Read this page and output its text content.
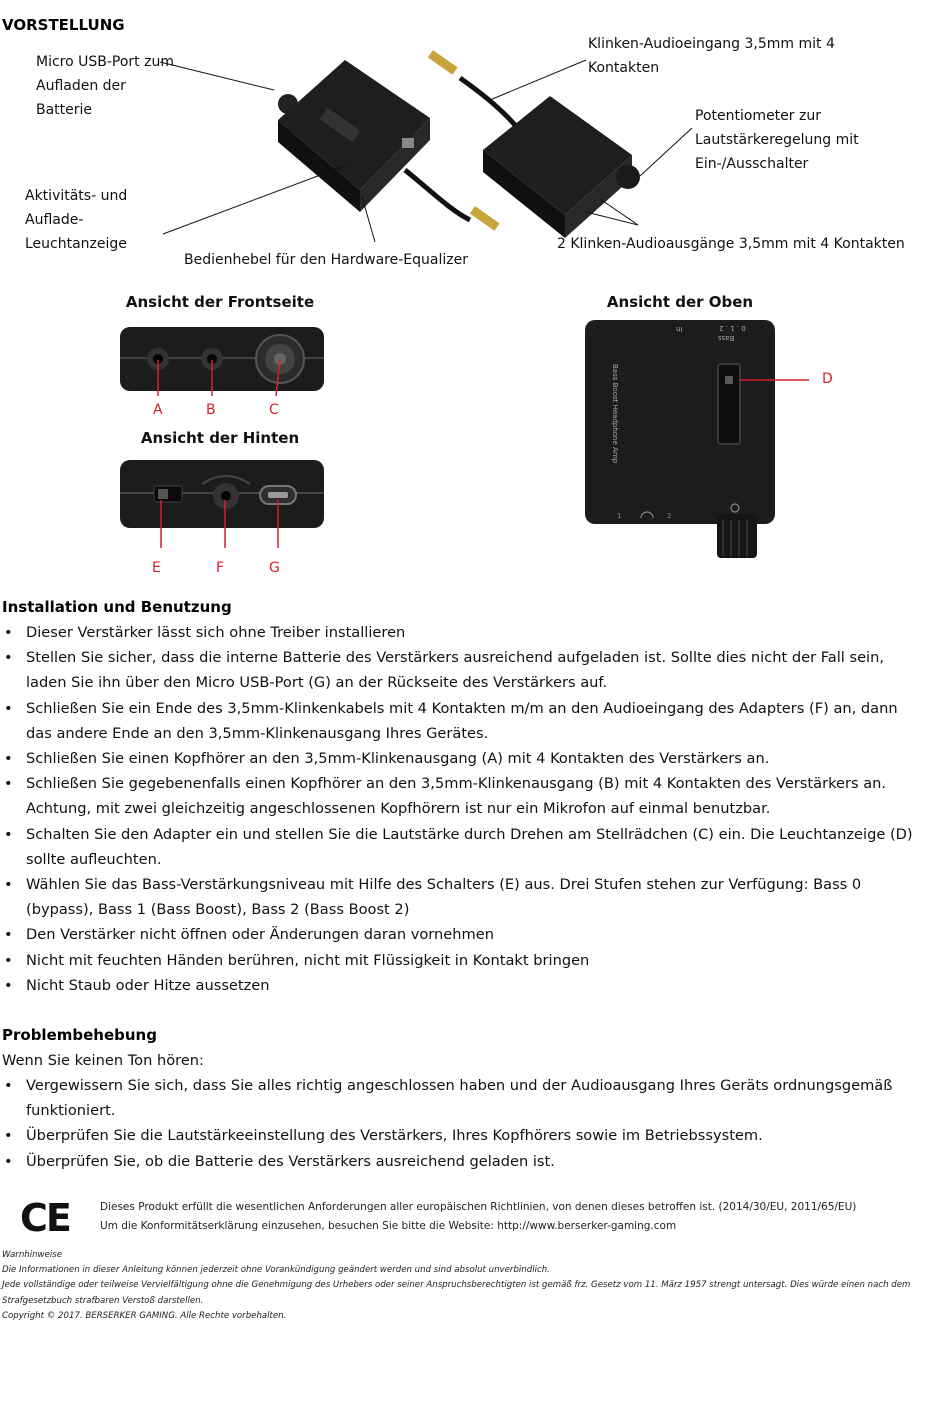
VORSTELLUNG
Micro USB-Port zum
Aufladen der
Batterie
Aktivitäts- und
Auflade-
Leuchtanzeige
Bedienhebel für den Hardware-Equalizer
Klinken-Audioeingang 3,5mm mit 4
Kontakten
Potentiometer zur
Lautstärkeregelung mit
Ein-/Ausschalter
2 Klinken-Audioausgänge 3,5mm mit 4 Kontakten
Ansicht der Frontseite
Ansicht der Hinten
Ansicht der Oben
A	B	C
E	F	G
In
Bass
0 . 1 . 2
Bass Boost Headphone Amp
1	2
D
Installation und Benutzung
• Dieser Verstärker lässt sich ohne Treiber installieren
• Stellen Sie sicher, dass die interne Batterie des Verstärkers ausreichend aufgeladen ist. Sollte dies nicht der Fall sein, laden Sie ihn über den Micro USB-Port (G) an der Rückseite des Verstärkers auf.
• Schließen Sie ein Ende des 3,5mm-Klinkenkabels mit 4 Kontakten m/m an den Audioeingang des Adapters (F) an, dann das andere Ende an den 3,5mm-Klinkenausgang Ihres Gerätes.
• Schließen Sie einen Kopfhörer an den 3,5mm-Klinkenausgang (A) mit 4 Kontakten des Verstärkers an.
• Schließen Sie gegebenenfalls einen Kopfhörer an den 3,5mm-Klinkenausgang (B) mit 4 Kontakten des Verstärkers an. Achtung, mit zwei gleichzeitig angeschlossenen Kopfhörern ist nur ein Mikrofon auf einmal benutzbar.
• Schalten Sie den Adapter ein und stellen Sie die Lautstärke durch Drehen am Stellrädchen (C) ein. Die Leuchtanzeige (D) sollte aufleuchten.
• Wählen Sie das Bass-Verstärkungsniveau mit Hilfe des Schalters (E) aus. Drei Stufen stehen zur Verfügung: Bass 0 (bypass), Bass 1 (Bass Boost), Bass 2 (Bass Boost 2)
• Den Verstärker nicht öffnen oder Änderungen daran vornehmen
• Nicht mit feuchten Händen berühren, nicht mit Flüssigkeit in Kontakt bringen
• Nicht Staub oder Hitze aussetzen
Problembehebung
Wenn Sie keinen Ton hören:
• Vergewissern Sie sich, dass Sie alles richtig angeschlossen haben und der Audioausgang Ihres Geräts ordnungsgemäß funktioniert.
• Überprüfen Sie die Lautstärkeeinstellung des Verstärkers, Ihres Kopfhörers sowie im Betriebssystem.
• Überprüfen Sie, ob die Batterie des Verstärkers ausreichend geladen ist.
CE	Dieses Produkt erfüllt die wesentlichen Anforderungen aller europäischen Richtlinien, von denen dieses betroffen ist. (2014/30/EU, 2011/65/EU)
Um die Konformitätserklärung einzusehen, besuchen Sie bitte die Website: http://www.berserker-gaming.com
Warnhinweise
Die Informationen in dieser Anleitung können jederzeit ohne Vorankündigung geändert werden und sind absolut unverbindlich.
Jede vollständige oder teilweise Vervielfältigung ohne die Genehmigung des Urhebers oder seiner Anspruchsberechtigten ist gemäß frz. Gesetz vom 11. März 1957 strengt untersagt. Dies würde einen nach dem Strafgesetzbuch strafbaren Verstoß darstellen.
Copyright © 2017. BERSERKER GAMING. Alle Rechte vorbehalten.
